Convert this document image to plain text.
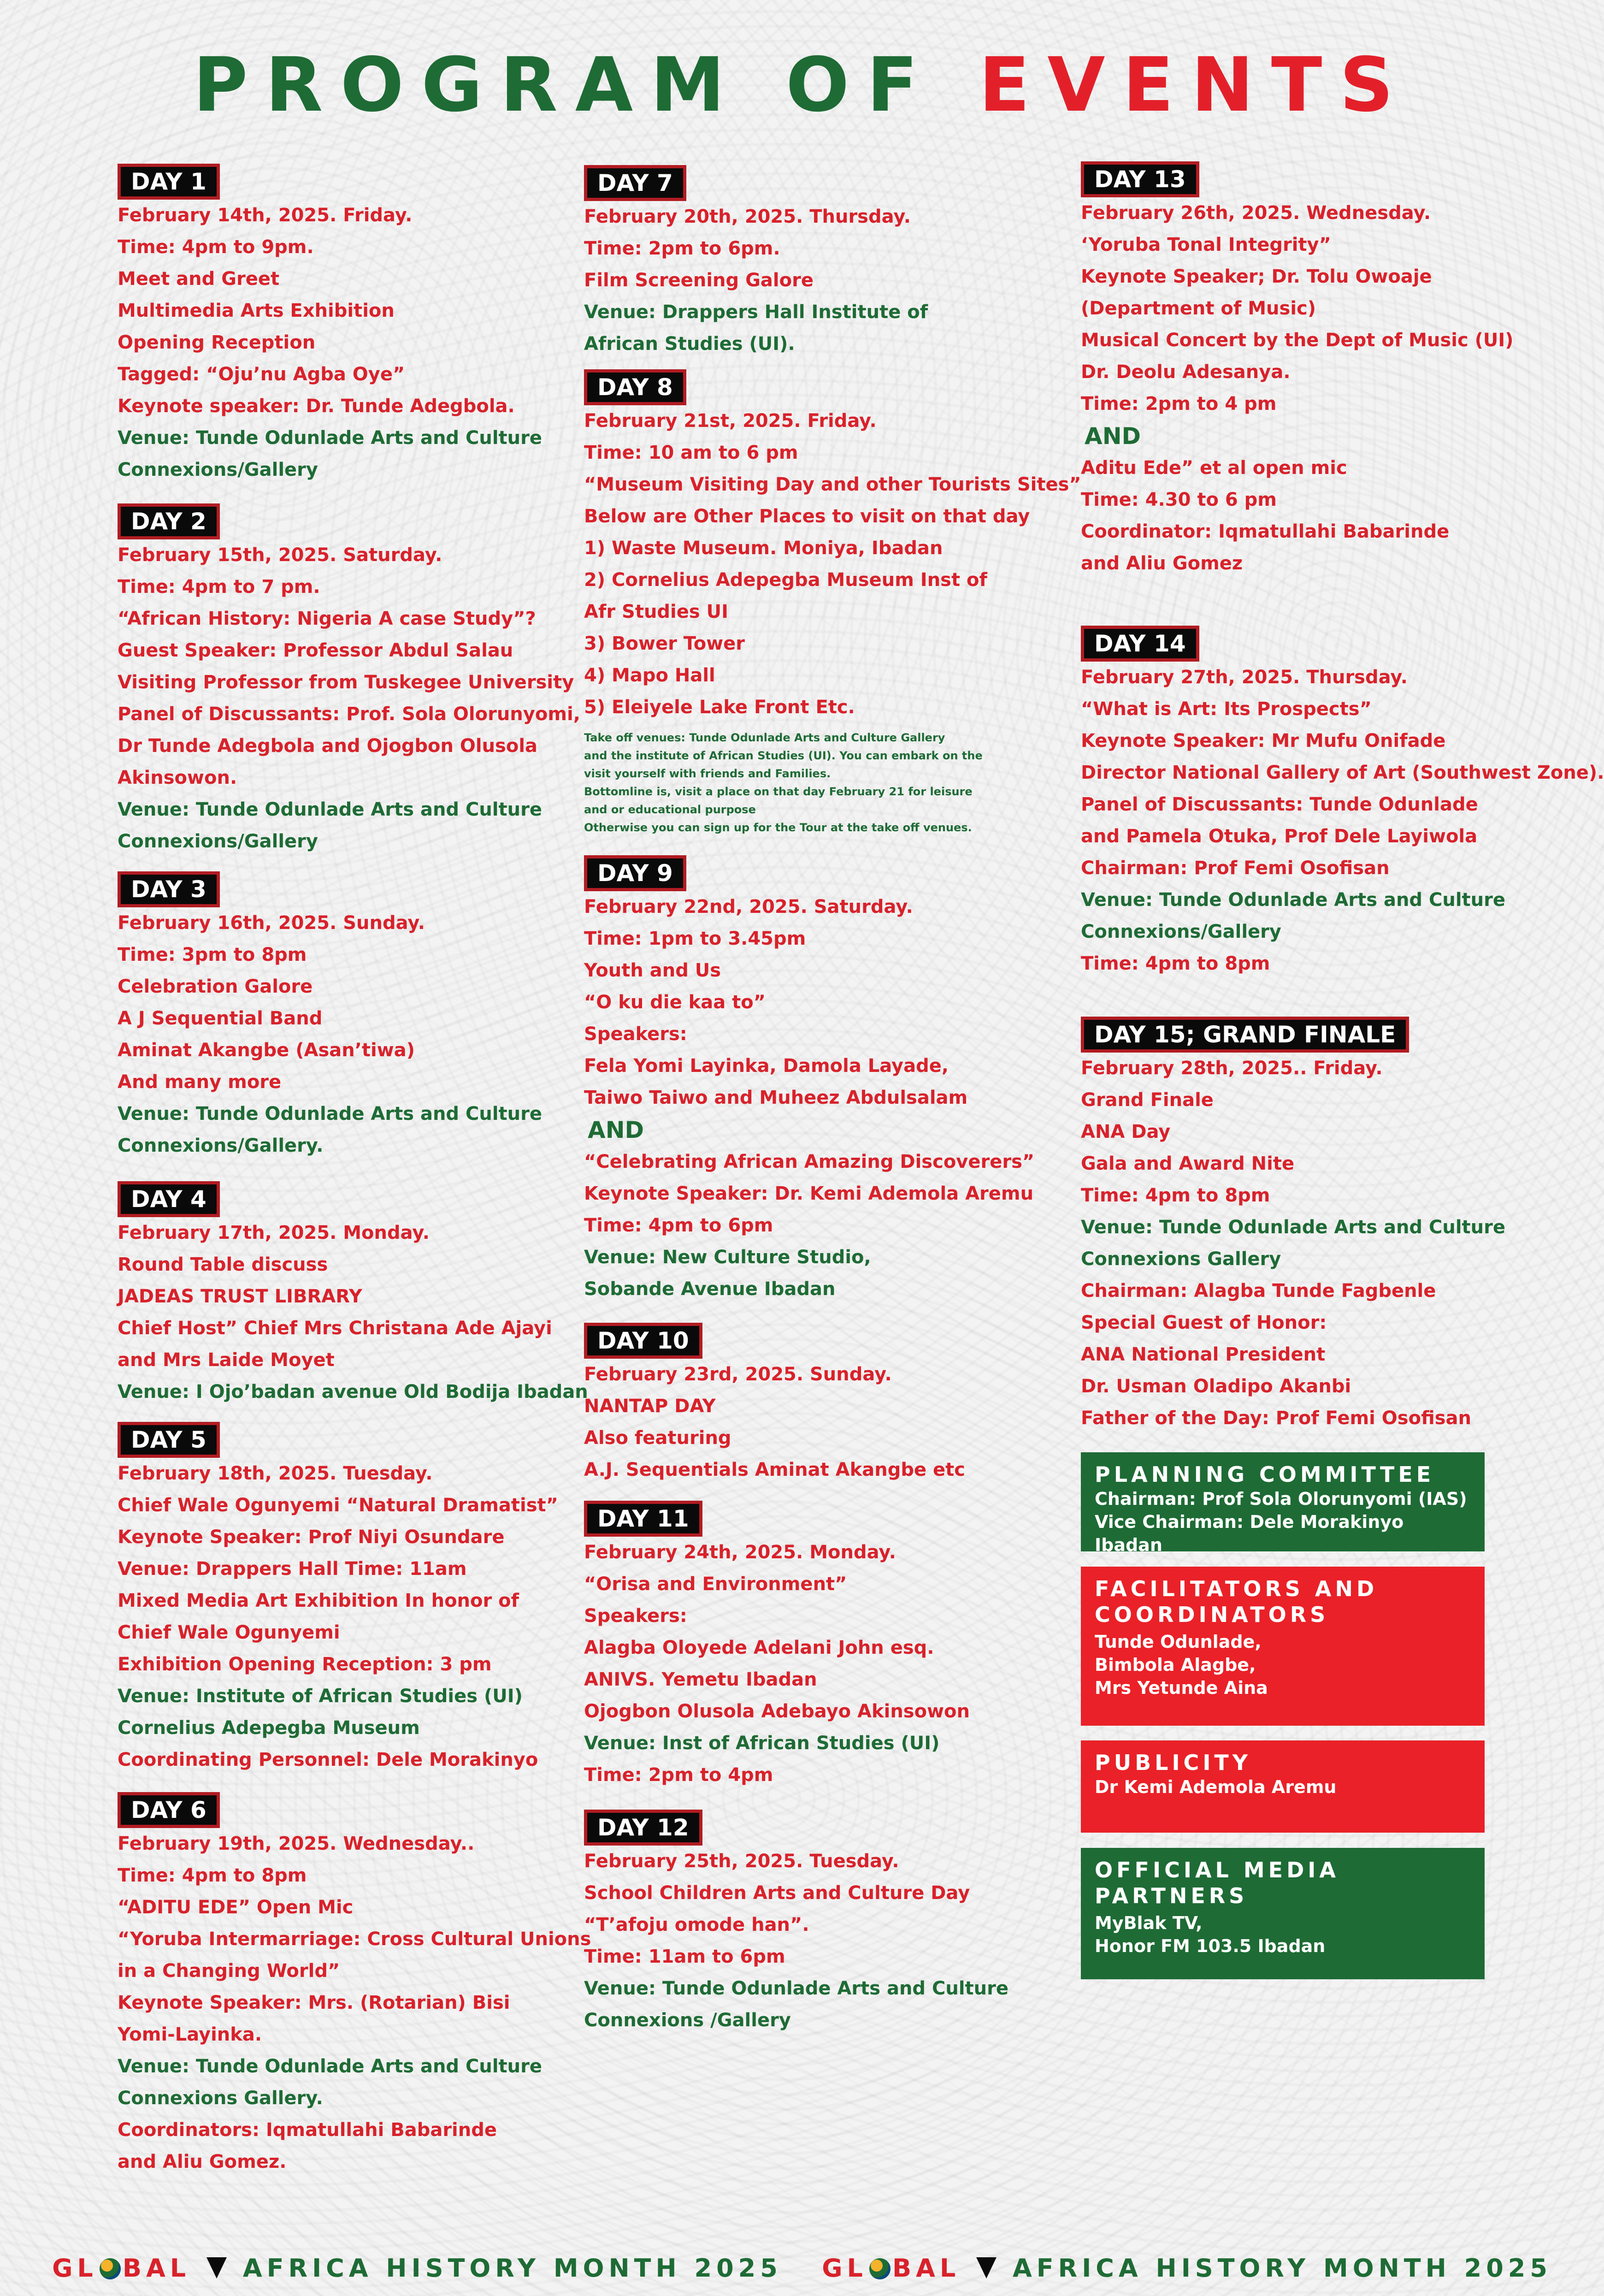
PROGRAM OF EVENTS
DAY 1
February 14th, 2025. Friday.
Time: 4pm to 9pm.
Meet and Greet
Multimedia Arts Exhibition
Opening Reception
Tagged: “Oju’nu Agba Oye”
Keynote speaker: Dr. Tunde Adegbola.
Venue: Tunde Odunlade Arts and Culture
Connexions/Gallery
DAY 2
February 15th, 2025. Saturday.
Time: 4pm to 7 pm.
“African History: Nigeria A case Study”?
Guest Speaker: Professor Abdul Salau
Visiting Professor from Tuskegee University
Panel of Discussants: Prof. Sola Olorunyomi,
Dr Tunde Adegbola and Ojogbon Olusola
Akinsowon.
Venue: Tunde Odunlade Arts and Culture
Connexions/Gallery
DAY 3
February 16th, 2025. Sunday.
Time: 3pm to 8pm
Celebration Galore
A J Sequential Band
Aminat Akangbe (Asan’tiwa)
And many more
Venue: Tunde Odunlade Arts and Culture
Connexions/Gallery.
DAY 4
February 17th, 2025. Monday.
Round Table discuss
JADEAS TRUST LIBRARY
Chief Host” Chief Mrs Christana Ade Ajayi
and Mrs Laide Moyet
Venue: I Ojo’badan avenue Old Bodija Ibadan
DAY 5
February 18th, 2025. Tuesday.
Chief Wale Ogunyemi “Natural Dramatist”
Keynote Speaker: Prof Niyi Osundare
Venue: Drappers Hall Time: 11am
Mixed Media Art Exhibition In honor of
Chief Wale Ogunyemi
Exhibition Opening Reception: 3 pm
Venue: Institute of African Studies (UI)
Cornelius Adepegba Museum
Coordinating Personnel: Dele Morakinyo
DAY 6
February 19th, 2025. Wednesday..
Time: 4pm to 8pm
“ADITU EDE” Open Mic
“Yoruba Intermarriage: Cross Cultural Unions
in a Changing World”
Keynote Speaker: Mrs. (Rotarian) Bisi
Yomi-Layinka.
Venue: Tunde Odunlade Arts and Culture
Connexions Gallery.
Coordinators: Iqmatullahi Babarinde
and Aliu Gomez.
DAY 7
February 20th, 2025. Thursday.
Time: 2pm to 6pm.
Film Screening Galore
Venue: Drappers Hall Institute of
African Studies (UI).
DAY 8
February 21st, 2025. Friday.
Time: 10 am to 6 pm
“Museum Visiting Day and other Tourists Sites”
Below are Other Places to visit on that day
1) Waste Museum. Moniya, Ibadan
2) Cornelius Adepegba Museum Inst of
Afr Studies UI
3) Bower Tower
4) Mapo Hall
5) Eleiyele Lake Front Etc.
Take off venues: Tunde Odunlade Arts and Culture Gallery
and the institute of African Studies (UI). You can embark on the
visit yourself with friends and Families.
Bottomline is, visit a place on that day February 21 for leisure
and or educational purpose
Otherwise you can sign up for the Tour at the take off venues.
DAY 9
February 22nd, 2025. Saturday.
Time: 1pm to 3.45pm
Youth and Us
“O ku die kaa to”
Speakers:
Fela Yomi Layinka, Damola Layade,
Taiwo Taiwo and Muheez Abdulsalam
AND
“Celebrating African Amazing Discoverers”
Keynote Speaker: Dr. Kemi Ademola Aremu
Time: 4pm to 6pm
Venue: New Culture Studio,
Sobande Avenue Ibadan
DAY 10
February 23rd, 2025. Sunday.
NANTAP DAY
Also featuring
A.J. Sequentials Aminat Akangbe etc
DAY 11
February 24th, 2025. Monday.
“Orisa and Environment”
Speakers:
Alagba Oloyede Adelani John esq.
ANIVS. Yemetu Ibadan
Ojogbon Olusola Adebayo Akinsowon
Venue: Inst of African Studies (UI)
Time: 2pm to 4pm
DAY 12
February 25th, 2025. Tuesday.
School Children Arts and Culture Day
“T’afoju omode han”.
Time: 11am to 6pm
Venue: Tunde Odunlade Arts and Culture
Connexions /Gallery
DAY 13
February 26th, 2025. Wednesday.
‘Yoruba Tonal Integrity”
Keynote Speaker; Dr. Tolu Owoaje
(Department of Music)
Musical Concert by the Dept of Music (UI)
Dr. Deolu Adesanya.
Time: 2pm to 4 pm
AND
Aditu Ede” et al open mic
Time: 4.30 to 6 pm
Coordinator: Iqmatullahi Babarinde
and Aliu Gomez
DAY 14
February 27th, 2025. Thursday.
“What is Art: Its Prospects”
Keynote Speaker: Mr Mufu Onifade
Director National Gallery of Art (Southwest Zone).
Panel of Discussants: Tunde Odunlade
and Pamela Otuka, Prof Dele Layiwola
Chairman: Prof Femi Osofisan
Venue: Tunde Odunlade Arts and Culture
Connexions/Gallery
Time: 4pm to 8pm
DAY 15; GRAND FINALE
February 28th, 2025.. Friday.
Grand Finale
ANA Day
Gala and Award Nite
Time: 4pm to 8pm
Venue: Tunde Odunlade Arts and Culture
Connexions Gallery
Chairman: Alagba Tunde Fagbenle
Special Guest of Honor:
ANA National President
Dr. Usman Oladipo Akanbi
Father of the Day: Prof Femi Osofisan
PLANNING COMMITTEE
Chairman: Prof Sola Olorunyomi (IAS)
Vice Chairman: Dele Morakinyo Ibadan
FACILITATORS AND
COORDINATORS
Tunde Odunlade,
Bimbola Alagbe,
Mrs Yetunde Aina
PUBLICITY
Dr Kemi Ademola Aremu
OFFICIAL MEDIA
PARTNERS
MyBlak TV,
Honor FM 103.5 Ibadan
GL BAL AFRICA HISTORY MONTH 2025 GL BAL AFRICA HISTORY MONTH 2025
